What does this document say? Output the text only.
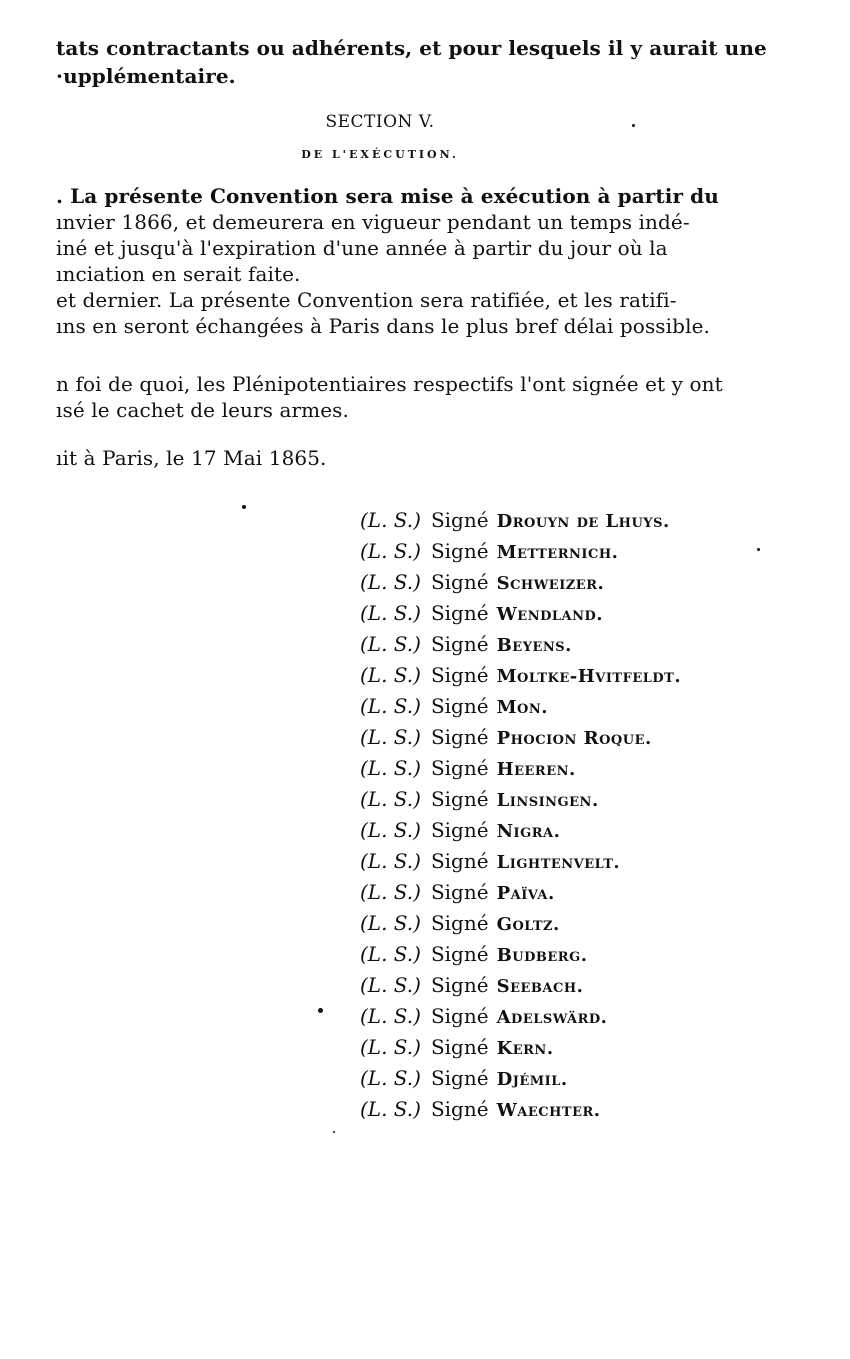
tats contractants ou adhérents, et pour lesquels il y aurait une
·upplémentaire.
SECTION V.
DE L'EXÉCUTION.
. La présente Convention sera mise à exécution à partir du
ınvier 1866, et demeurera en vigueur pendant un temps indé-
iné et jusqu'à l'expiration d'une année à partir du jour où la
ınciation en serait faite.
et dernier. La présente Convention sera ratifiée, et les ratifi-
ıns en seront échangées à Paris dans le plus bref délai possible.
n foi de quoi, les Plénipotentiaires respectifs l'ont signée et y ont
ısé le cachet de leurs armes.
ıit à Paris, le 17 Mai 1865.
(L. S.) Signé Drouyn de Lhuys.
(L. S.) Signé Metternich.
(L. S.) Signé Schweizer.
(L. S.) Signé Wendland.
(L. S.) Signé Beyens.
(L. S.) Signé Moltke-Hvitfeldt.
(L. S.) Signé Mon.
(L. S.) Signé Phocion Roque.
(L. S.) Signé Heeren.
(L. S.) Signé Linsingen.
(L. S.) Signé Nigra.
(L. S.) Signé Lightenvelt.
(L. S.) Signé Païva.
(L. S.) Signé Goltz.
(L. S.) Signé Budberg.
(L. S.) Signé Seebach.
(L. S.) Signé Adelswärd.
(L. S.) Signé Kern.
(L. S.) Signé Djémil.
(L. S.) Signé Waechter.
